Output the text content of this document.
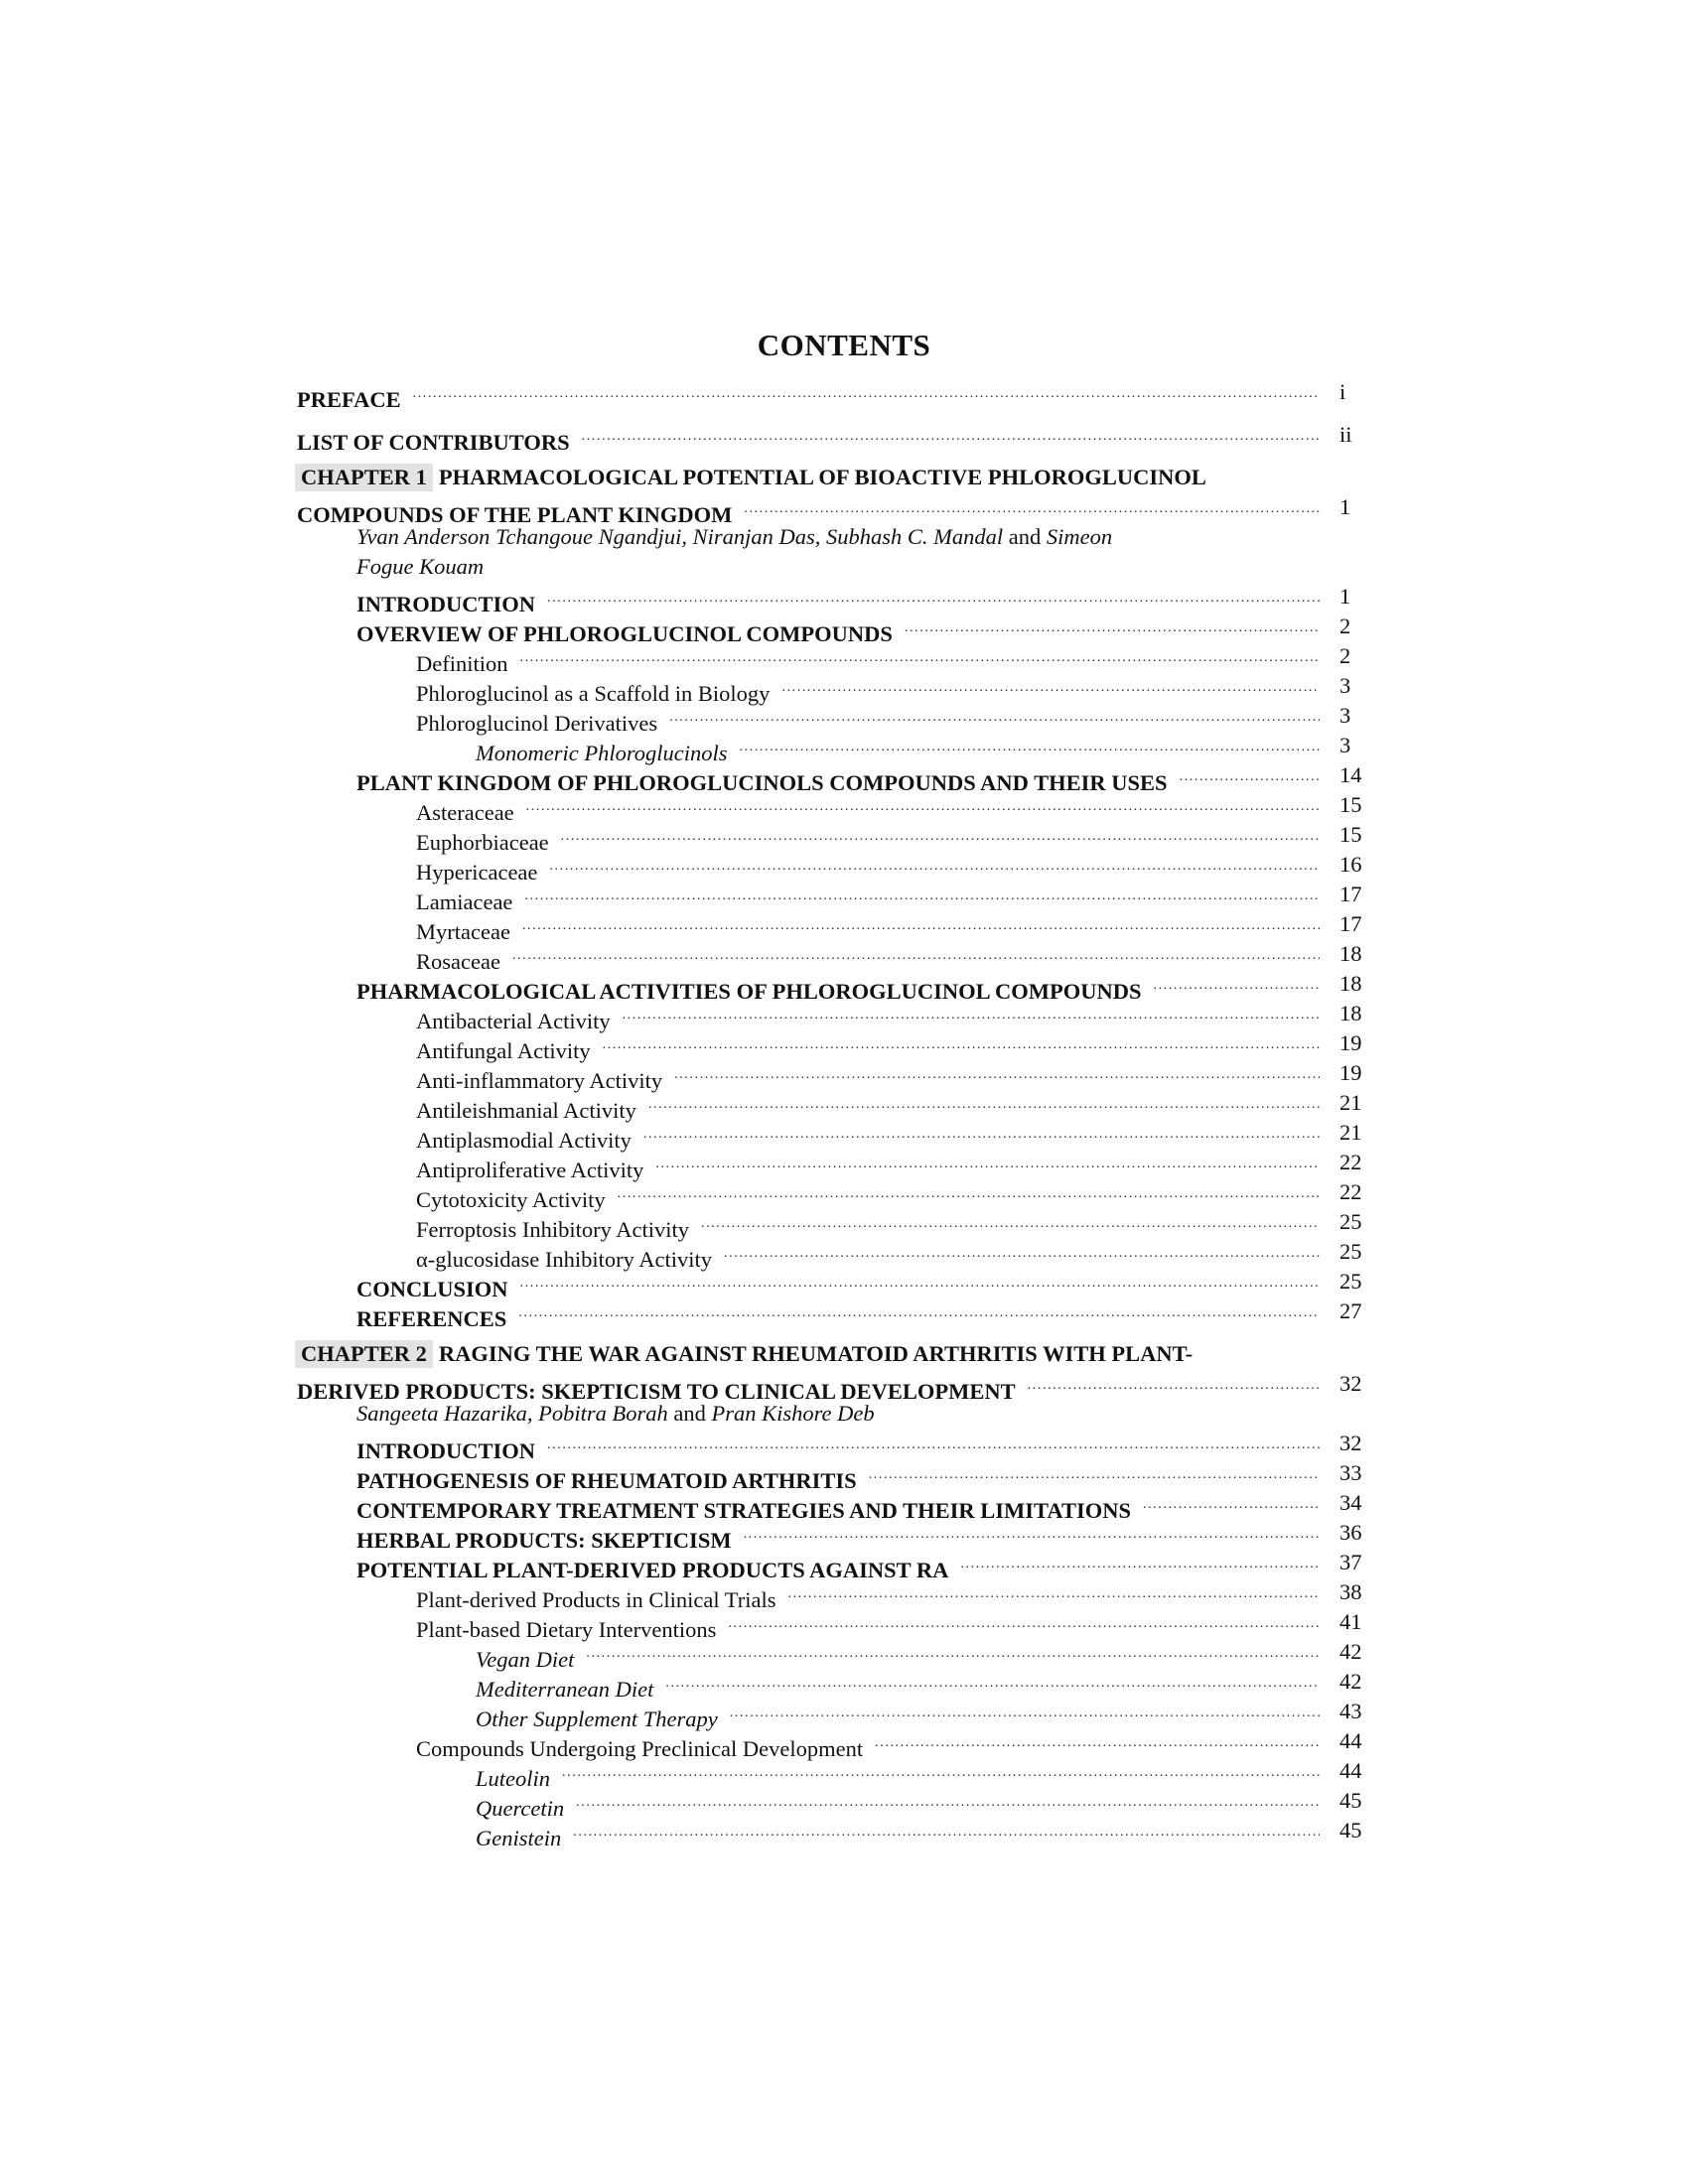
CONTENTS
PREFACE .....	i
LIST OF CONTRIBUTORS .....	ii
CHAPTER 1 PHARMACOLOGICAL POTENTIAL OF BIOACTIVE PHLOROGLUCINOL
COMPOUNDS OF THE PLANT KINGDOM .....	1
Yvan Anderson Tchangoue Ngandjui, Niranjan Das, Subhash C. Mandal and Simeon
Fogue Kouam
INTRODUCTION .....	1
OVERVIEW OF PHLOROGLUCINOL COMPOUNDS .....	2
Definition .....	2
Phloroglucinol as a Scaffold in Biology .....	3
Phloroglucinol Derivatives .....	3
Monomeric Phloroglucinols .....	3
PLANT KINGDOM OF PHLOROGLUCINOLS COMPOUNDS AND THEIR USES .....	14
Asteraceae .....	15
Euphorbiaceae .....	15
Hypericaceae .....	16
Lamiaceae .....	17
Myrtaceae .....	17
Rosaceae .....	18
PHARMACOLOGICAL ACTIVITIES OF PHLOROGLUCINOL COMPOUNDS .....	18
Antibacterial Activity .....	18
Antifungal Activity .....	19
Anti-inflammatory Activity .....	19
Antileishmanial Activity .....	21
Antiplasmodial Activity .....	21
Antiproliferative Activity .....	22
Cytotoxicity Activity .....	22
Ferroptosis Inhibitory Activity .....	25
α-glucosidase Inhibitory Activity .....	25
CONCLUSION .....	25
REFERENCES .....	27
CHAPTER 2 RAGING THE WAR AGAINST RHEUMATOID ARTHRITIS WITH PLANT-
DERIVED PRODUCTS: SKEPTICISM TO CLINICAL DEVELOPMENT .....	32
Sangeeta Hazarika, Pobitra Borah and Pran Kishore Deb
INTRODUCTION .....	32
PATHOGENESIS OF RHEUMATOID ARTHRITIS .....	33
CONTEMPORARY TREATMENT STRATEGIES AND THEIR LIMITATIONS .....	34
HERBAL PRODUCTS: SKEPTICISM .....	36
POTENTIAL PLANT-DERIVED PRODUCTS AGAINST RA .....	37
Plant-derived Products in Clinical Trials .....	38
Plant-based Dietary Interventions .....	41
Vegan Diet .....	42
Mediterranean Diet .....	42
Other Supplement Therapy .....	43
Compounds Undergoing Preclinical Development .....	44
Luteolin .....	44
Quercetin .....	45
Genistein .....	45
